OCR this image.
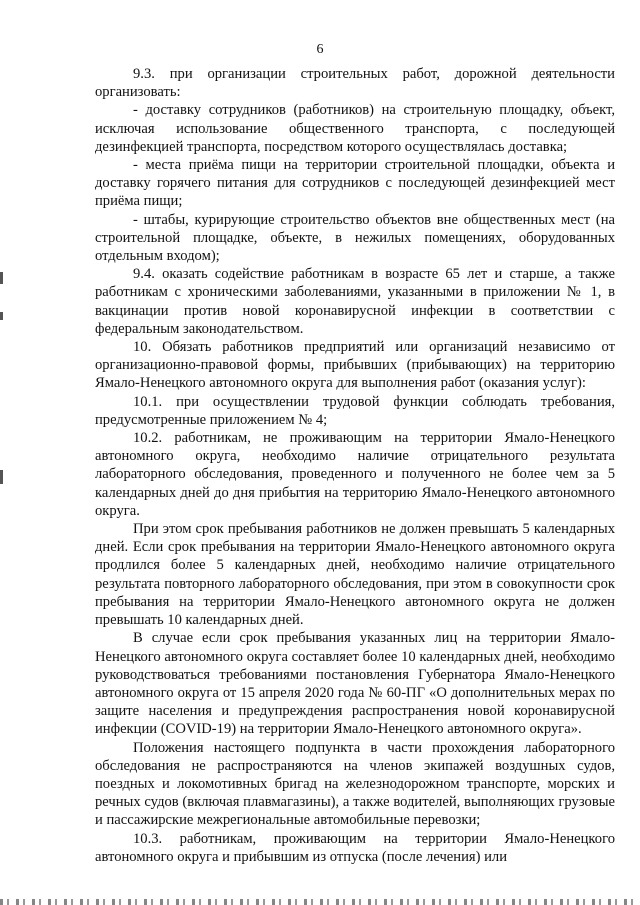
6

9.3. при организации строительных работ, дорожной деятельности организовать:

- доставку сотрудников (работников) на строительную площадку, объект, исключая использование общественного транспорта, с последующей дезинфекцией транспорта, посредством которого осуществлялась доставка;

- места приёма пищи на территории строительной площадки, объекта и доставку горячего питания для сотрудников с последующей дезинфекцией мест приёма пищи;

- штабы, курирующие строительство объектов вне общественных мест (на строительной площадке, объекте, в нежилых помещениях, оборудованных отдельным входом);

9.4. оказать содействие работникам в возрасте 65 лет и старше, а также работникам с хроническими заболеваниями, указанными в приложении № 1, в вакцинации против новой коронавирусной инфекции в соответствии с федеральным законодательством.

10. Обязать работников предприятий или организаций независимо от организационно-правовой формы, прибывших (прибывающих) на территорию Ямало-Ненецкого автономного округа для выполнения работ (оказания услуг):

10.1. при осуществлении трудовой функции соблюдать требования, предусмотренные приложением № 4;

10.2. работникам, не проживающим на территории Ямало-Ненецкого автономного округа, необходимо наличие отрицательного результата лабораторного обследования, проведенного и полученного не более чем за 5 календарных дней до дня прибытия на территорию Ямало-Ненецкого автономного округа.

При этом срок пребывания работников не должен превышать 5 календарных дней. Если срок пребывания на территории Ямало-Ненецкого автономного округа продлился более 5 календарных дней, необходимо наличие отрицательного результата повторного лабораторного обследования, при этом в совокупности срок пребывания на территории Ямало-Ненецкого автономного округа не должен превышать 10 календарных дней.

В случае если срок пребывания указанных лиц на территории Ямало-Ненецкого автономного округа составляет более 10 календарных дней, необходимо руководствоваться требованиями постановления Губернатора Ямало-Ненецкого автономного округа от 15 апреля 2020 года № 60-ПГ «О дополнительных мерах по защите населения и предупреждения распространения новой коронавирусной инфекции (COVID-19) на территории Ямало-Ненецкого автономного округа».

Положения настоящего подпункта в части прохождения лабораторного обследования не распространяются на членов экипажей воздушных судов, поездных и локомотивных бригад на железнодорожном транспорте, морских и речных судов (включая плавмагазины), а также водителей, выполняющих грузовые и пассажирские межрегиональные автомобильные перевозки;

10.3. работникам, проживающим на территории Ямало-Ненецкого автономного округа и прибывшим из отпуска (после лечения) или
